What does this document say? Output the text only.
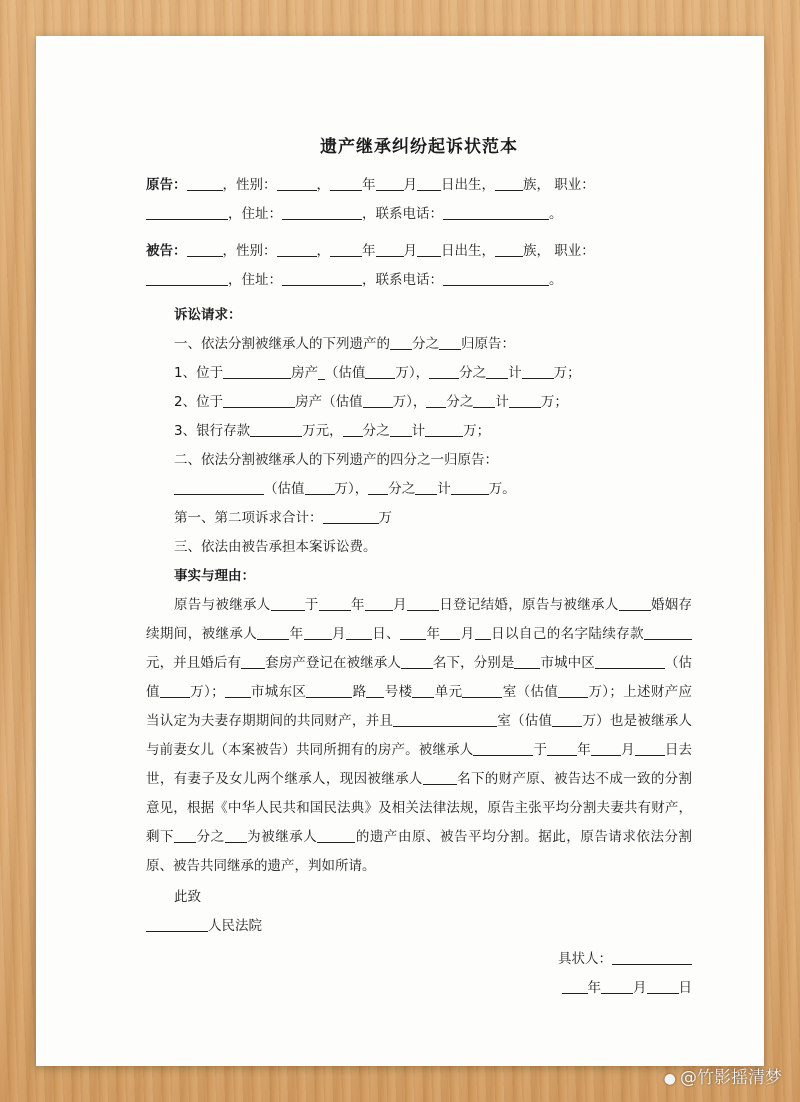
遗产继承纠纷起诉状范本
原告：	，性别：	， 年 月 日出生， 族， 职业：
，住址：	，联系电话：	。
被告：	，性别：	， 年 月 日出生， 族， 职业：
，住址：	，联系电话：	。
诉讼请求：
一、依法分割被继承人的下列遗产的 分之 归原告：
1、位于	房产_（估值 万）， 分之 计 万；
2、位于	房产（估值 万）， 分之 计 万；
3、银行存款	万元， 分之 计	万；
二、依法分割被继承人的下列遗产的四分之一归原告：
（估值 万）， 分之 计	万。
第一、第二项诉求合计：	万
三、依法由被告承担本案诉讼费。
事实与理由：

原告与被继承人	于 年 月 日登记结婚，原告与被继承人 婚姻存续期间，被继承人 年 月 日、 年 月 日以自己的名字陆续存款元，并且婚后有 套房产登记在被继承人 名下，分别是 市城中区	（估值 万）； 市城东区	路 号楼 单元	室（估值 万）；上述财产应当认定为夫妻存期期间的共同财产，并且	室（估值 万）也是被继承人与前妻女儿（本案被告）共同所拥有的房产。被继承人	于 年 月 日去世，有妻子及女儿两个继承人，现因被继承人	名下的财产原、被告达不成一致的分割意见，根据《中华人民共和国民法典》及相关法律法规，原告主张平均分割夫妻共有财产，剩下 分之 为被继承人	的遗产由原、被告平均分割。据此，原告请求依法分割原、被告共同继承的遗产，判如所请。

此致
人民法院
具状人：
年 月 日
● @竹影摇清梦
